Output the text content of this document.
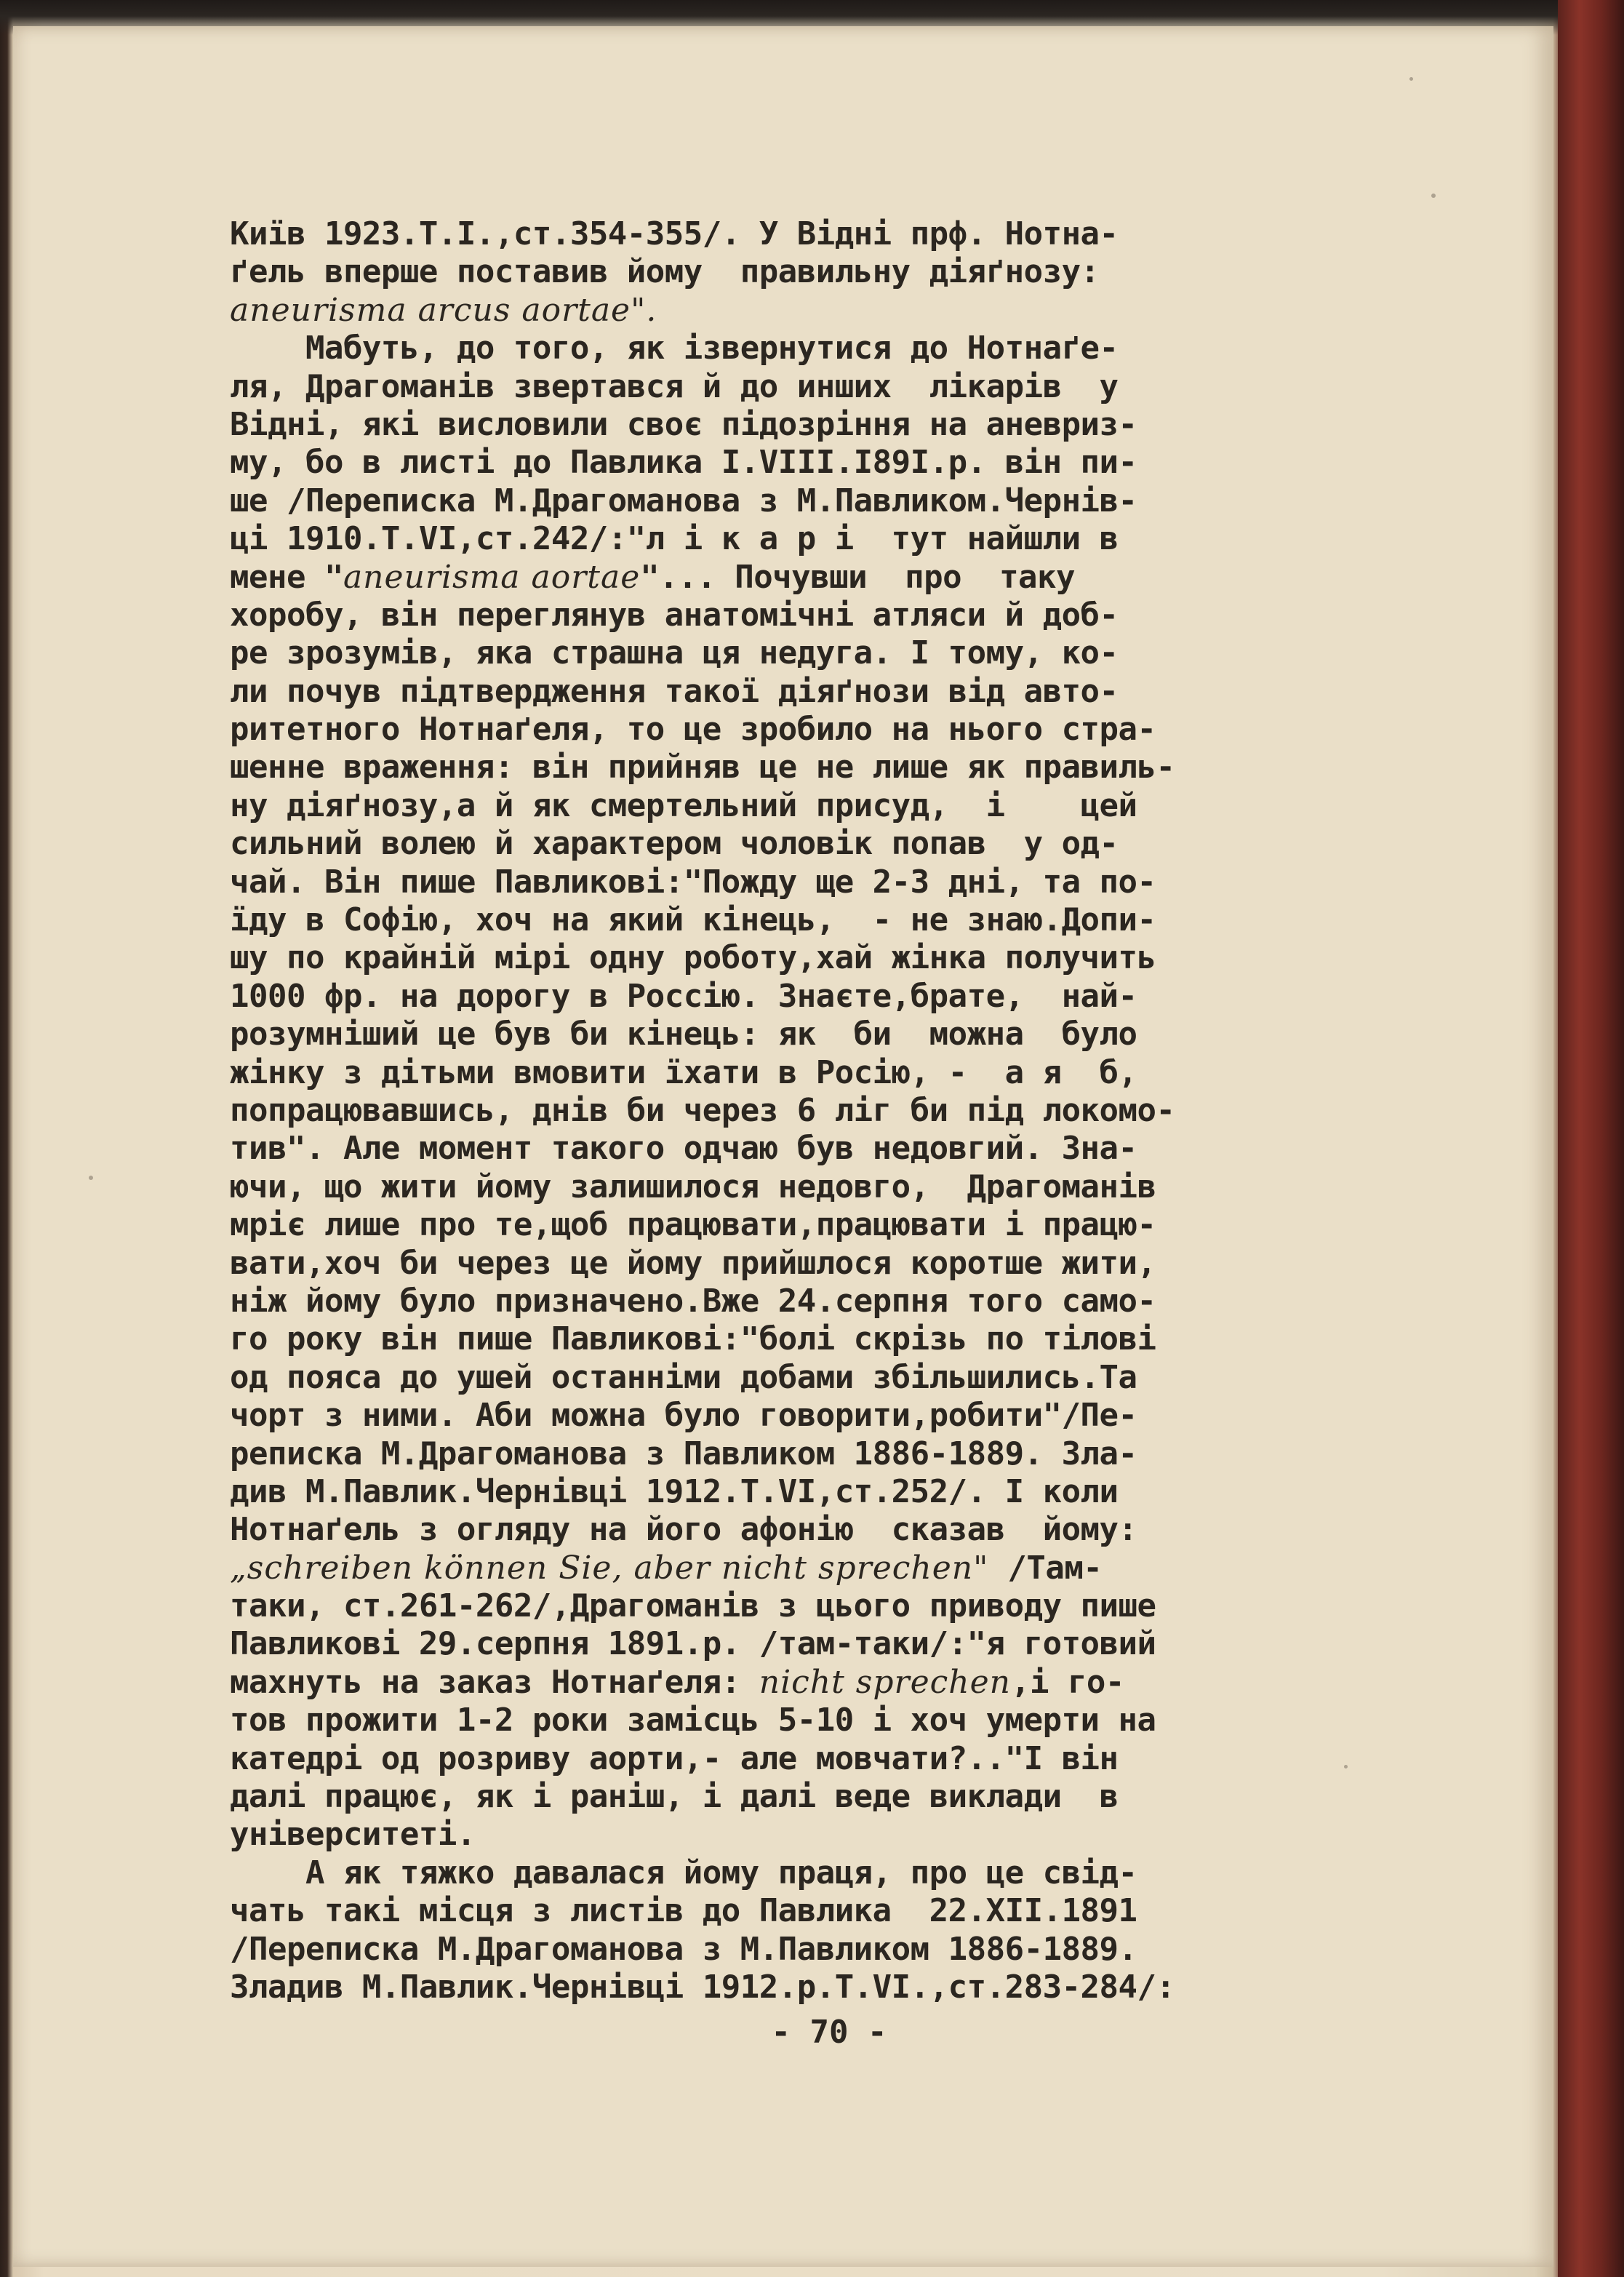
Київ 1923.Т.І.,ст.354-355/. У Відні прф. Нотна-
ґель вперше поставив йому  правильну діяґнозу:
aneurisma arcus aortae".
Мабуть, до того, як ізвернутися до Нотнаґе-
ля, Драгоманів звертався й до инших  лікарів  у
Відні, які висловили своє підозріння на аневриз-
му, бо в листі до Павлика І.VIII.I89I.р. він пи-
ше /Переписка М.Драгоманова з М.Павликом.Чернів-
ці 1910.Т.VI,ст.242/:"л і к а р і  тут найшли в
мене "aneurisma aortae"... Почувши  про  таку
хоробу, він переглянув анатомічні атляси й доб-
ре зрозумів, яка страшна ця недуга. І тому, ко-
ли почув підтвердження такої діяґнози від авто-
ритетного Нотнаґеля, то це зробило на нього стра-
шенне враження: він прийняв це не лише як правиль-
ну діяґнозу,а й як смертельний присуд,  і    цей
сильний волею й характером чоловік попав  у од-
чай. Він пише Павликові:"Пожду ще 2-3 дні, та по-
їду в Софію, хоч на який кінець,  - не знаю.Допи-
шу по крайній мірі одну роботу,хай жінка получить
1000 фр. на дорогу в Россію. Знаєте,брате,  най-
розумніший це був би кінець: як  би  можна  було
жінку з дітьми вмовити їхати в Росію, -  а я  б,
попрацювавшись, днів би через 6 ліг би під локомо-
тив". Але момент такого одчаю був недовгий. Зна-
ючи, що жити йому залишилося недовго,  Драгоманів
мріє лише про те,щоб працювати,працювати і працю-
вати,хоч би через це йому прийшлося коротше жити,
ніж йому було призначено.Вже 24.серпня того само-
го року він пише Павликові:"болі скрізь по тілові
од пояса до ушей останніми добами збільшились.Та
чорт з ними. Аби можна було говорити,робити"/Пе-
реписка М.Драгоманова з Павликом 1886-1889. Зла-
див М.Павлик.Чернівці 1912.Т.VI,ст.252/. І коли
Нотнаґель з огляду на його афонію  сказав  йому:
„schreiben können Sie, aber nicht sprechen" /Там-
таки, ст.261-262/,Драгоманів з цього приводу пише
Павликові 29.серпня 1891.р. /там-таки/:"я готовий
махнуть на заказ Нотнаґеля: nicht sprechen,і го-
тов прожити 1-2 роки замісць 5-10 і хоч умерти на
катедрі од розриву аорти,- але мовчати?.."І він
далі працює, як і раніш, і далі веде виклади  в
університеті.
А як тяжко давалася йому праця, про це свід-
чать такі місця з листів до Павлика  22.XII.1891
/Переписка М.Драгоманова з М.Павликом 1886-1889.
Зладив М.Павлик.Чернівці 1912.р.Т.VI.,ст.283-284/:
- 70 -
